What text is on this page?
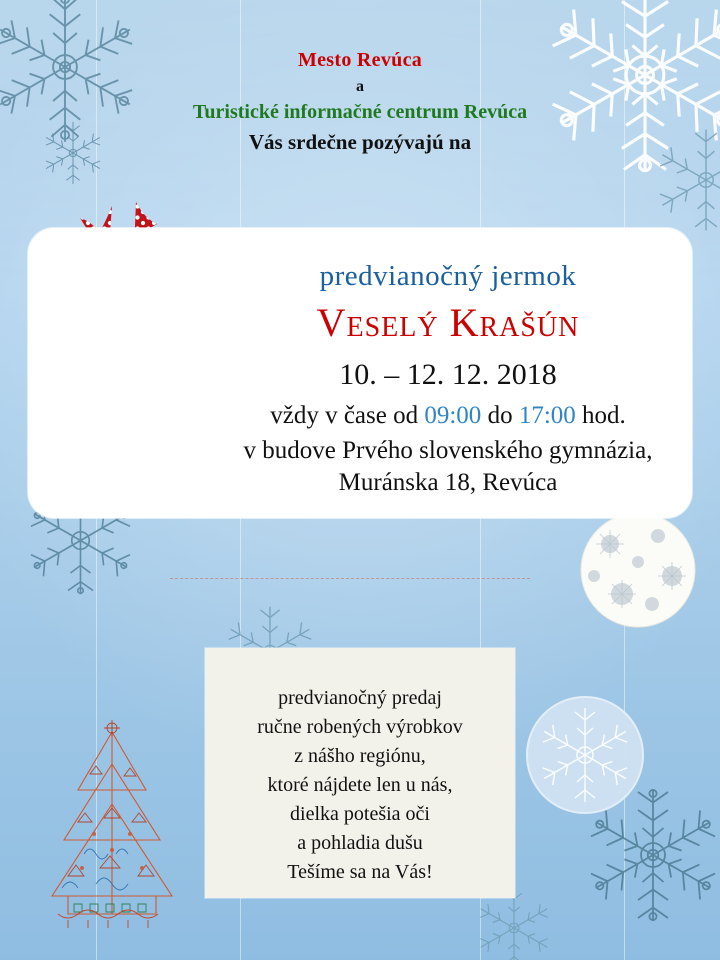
Mesto Revúca
a
Turistické informačné centrum Revúca
Vás srdečne pozývajú na
predvianočný jermok
Veselý Krašún
10. – 12. 12. 2018
vždy v čase od 09:00 do 17:00 hod.
v budove Prvého slovenského gymnázia,
Muránska 18, Revúca

predvianočný predaj

ručne robených výrobkov

z nášho regiónu,

ktoré nájdete len u nás,

dielka potešia oči

a pohladia dušu

Tešíme sa na Vás!
